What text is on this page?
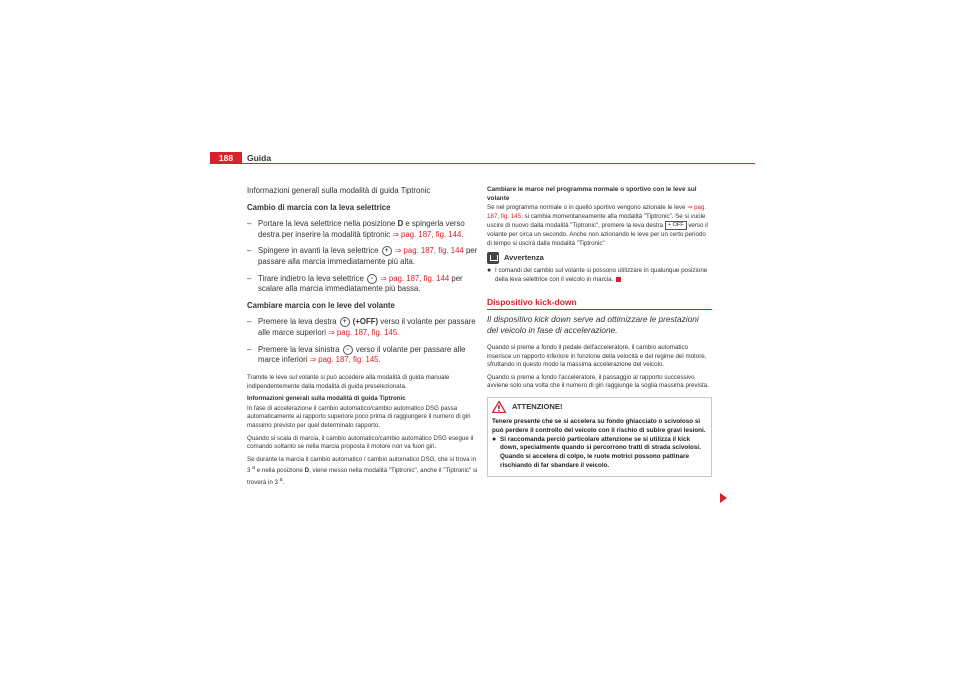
188	Guida

Informazioni generali sulla modalità di guida Tiptronic

Cambio di marcia con la leva selettrice

– Portare la leva selettrice nella posizione D e spingerla verso destra per inserire la modalità tiptronic ⇒ pag. 187, fig. 144.
– Spingere in avanti la leva selettrice + ⇒ pag. 187, fig. 144 per passare alla marcia immediatamente più alta.
– Tirare indietro la leva selettrice - ⇒ pag. 187, fig. 144 per scalare alla marcia immediatamente più bassa.

Cambiare marcia con le leve del volante

– Premere la leva destra + (+OFF) verso il volante per passare alle marce superiori ⇒ pag. 187, fig. 145.
– Premere la leva sinistra - verso il volante per passare alle marce inferiori ⇒ pag. 187, fig. 145.

Tramite le leve sul volante si può accedere alla modalità di guida manuale indipendentemente dalla modalità di guida preselezionata.

Informazioni generali sulla modalità di guida Tiptronic

In fase di accelerazione il cambio automatico/cambio automatico DSG passa automaticamente al rapporto superiore poco prima di raggiungere il numero di giri massimo previsto per quel determinato rapporto.

Quando si scala di marcia, il cambio automatico/cambio automatico DSG esegue il comando soltanto se nella marcia proposta il motore non va fuori giri.

Se durante la marcia il cambio automatico / cambio automatico DSG, che si trova in 3 $^a$ e nella posizione D, viene messo nella modalità "Tiptronic", anche il "Tiptronic" si troverà in 3 $^a$.

Cambiare le marce nel programma normale o sportivo con le leve sul volante

Se nel programma normale o in quello sportivo vengono azionate le leve ⇒ pag. 187, fig. 145, si cambia momentaneamente alla modalità "Tiptronic". Se si vuole uscire di nuovo dalla modalità "Tiptronic", premere la leva destra + OFF verso il volante per circa un secondo. Anche non azionando le leve per un certo periodo di tempo si uscirà dalla modalità "Tiptronic"

Avvertenza
● I comandi del cambio sul volante si possono utilizzare in qualunque posizione della leva selettrice con il veicolo in marcia.
Dispositivo kick-down

Il dispositivo kick down serve ad ottimizzare le prestazioni del veicolo in fase di accelerazione.

Quando si preme a fondo il pedale dell'acceleratore, il cambio automatico inserisce un rapporto inferiore in funzione della velocità e del regime del motore, sfruttando in questo modo la massima accelerazione del veicolo.

Quando si preme a fondo l'acceleratore, il passaggio al rapporto successivo avviene solo una volta che il numero di giri raggiunge la soglia massima prevista.

ATTENZIONE!
Tenere presente che se si accelera su fondo ghiacciato o scivoloso si può perdere il controllo del veicolo con il rischio di subire gravi lesioni.
● Si raccomanda perciò particolare attenzione se si utilizza il kick down, specialmente quando si percorrono tratti di strada scivolosi. Quando si accelera di colpo, le ruote motrici possono pattinare rischiando di far sbandare il veicolo.
